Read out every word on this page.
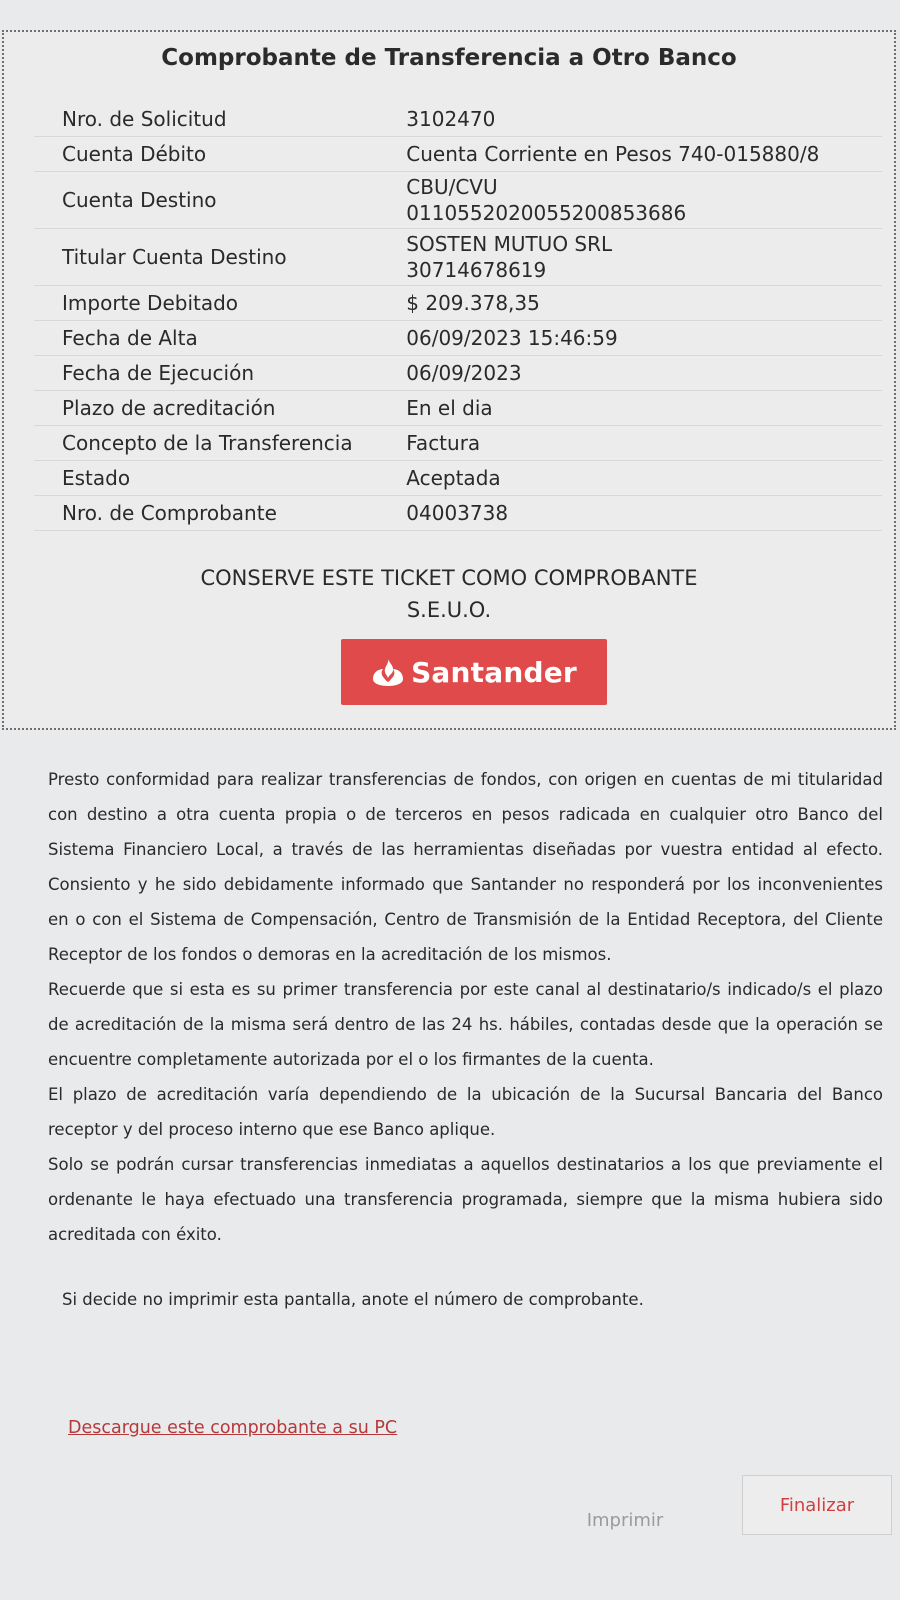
Comprobante de Transferencia a Otro Banco
Nro. de Solicitud	3102470
Cuenta Débito	Cuenta Corriente en Pesos 740-015880/8
Cuenta Destino	CBU/CVU
0110552020055200853686

Titular Cuenta Destino	SOSTEN MUTUO SRL
30714678619

Importe Debitado	$ 209.378,35
Fecha de Alta	06/09/2023 15:46:59
Fecha de Ejecución	06/09/2023
Plazo de acreditación	En el dia
Concepto de la Transferencia	Factura
Estado	Aceptada
Nro. de Comprobante	04003738
CONSERVE ESTE TICKET COMO COMPROBANTE
S.E.U.O.
Santander

Presto conformidad para realizar transferencias de fondos, con origen en cuentas de mi titularidad con destino a otra cuenta propia o de terceros en pesos radicada en cualquier otro Banco del Sistema Financiero Local, a través de las herramientas diseñadas por vuestra entidad al efecto. Consiento y he sido debidamente informado que Santander no responderá por los inconvenientes en o con el Sistema de Compensación, Centro de Transmisión de la Entidad Receptora, del Cliente Receptor de los fondos o demoras en la acreditación de los mismos.

Recuerde que si esta es su primer transferencia por este canal al destinatario/s indicado/s el plazo de acreditación de la misma será dentro de las 24 hs. hábiles, contadas desde que la operación se encuentre completamente autorizada por el o los firmantes de la cuenta.

El plazo de acreditación varía dependiendo de la ubicación de la Sucursal Bancaria del Banco receptor y del proceso interno que ese Banco aplique.

Solo se podrán cursar transferencias inmediatas a aquellos destinatarios a los que previamente el ordenante le haya efectuado una transferencia programada, siempre que la misma hubiera sido acreditada con éxito.

Si decide no imprimir esta pantalla, anote el número de comprobante.
Descargue este comprobante a su PC
Imprimir
Finalizar
